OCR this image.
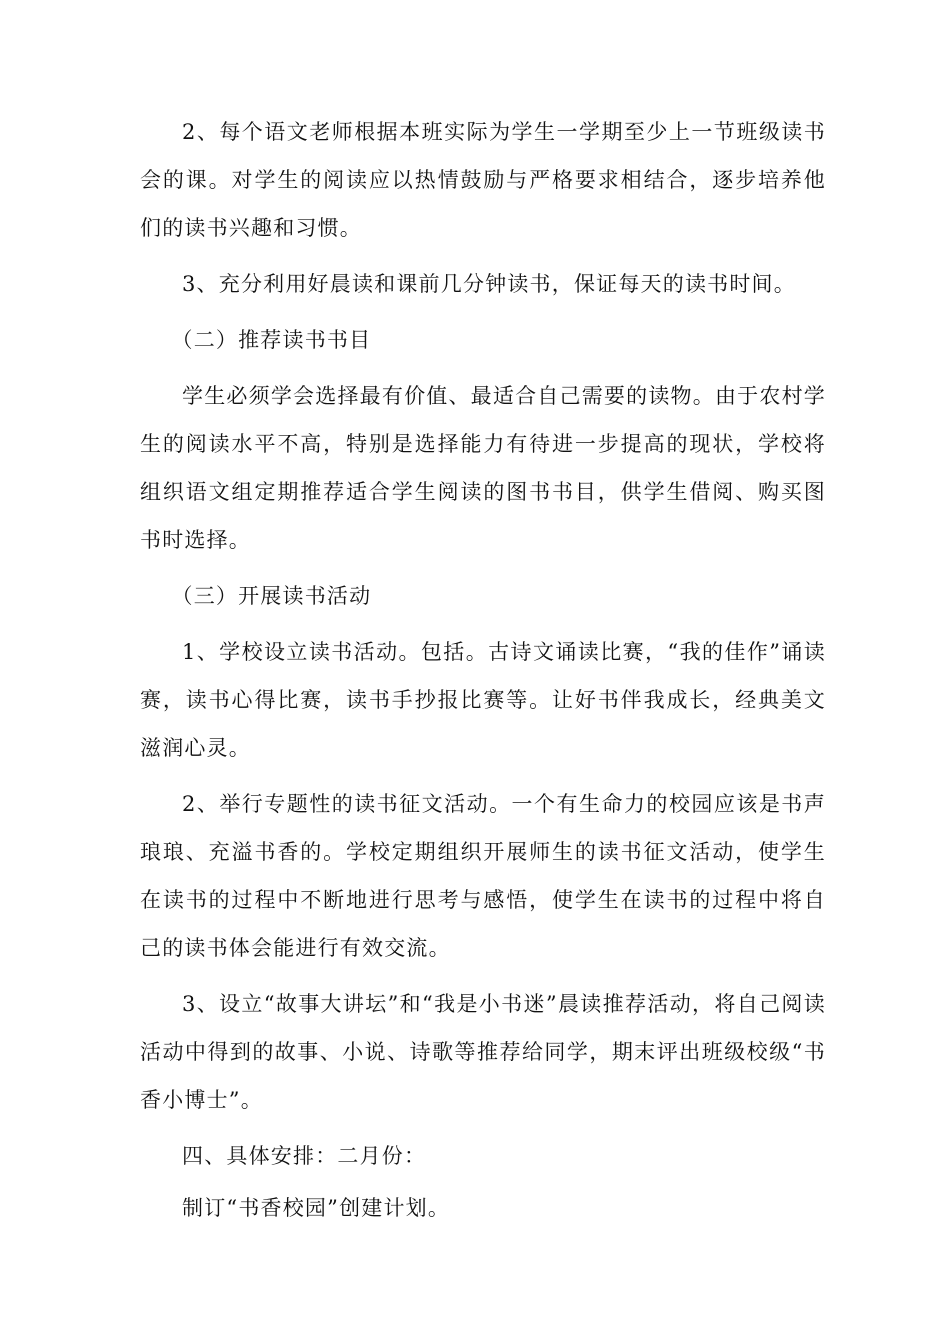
2、每个语文老师根据本班实际为学生一学期至少上一节班级读书会的课。对学生的阅读应以热情鼓励与严格要求相结合，逐步培养他们的读书兴趣和习惯。

3、充分利用好晨读和课前几分钟读书，保证每天的读书时间。

（二）推荐读书书目

学生必须学会选择最有价值、最适合自己需要的读物。由于农村学生的阅读水平不高，特别是选择能力有待进一步提高的现状，学校将组织语文组定期推荐适合学生阅读的图书书目，供学生借阅、购买图书时选择。

（三）开展读书活动

1、学校设立读书活动。包括。古诗文诵读比赛，“我的佳作”诵读赛，读书心得比赛，读书手抄报比赛等。让好书伴我成长，经典美文滋润心灵。

2、举行专题性的读书征文活动。一个有生命力的校园应该是书声琅琅、充溢书香的。学校定期组织开展师生的读书征文活动，使学生在读书的过程中不断地进行思考与感悟，使学生在读书的过程中将自己的读书体会能进行有效交流。

3、设立“故事大讲坛”和“我是小书迷”晨读推荐活动，将自己阅读活动中得到的故事、小说、诗歌等推荐给同学，期末评出班级校级“书香小博士”。

四、具体安排：二月份：

制订“书香校园”创建计划。
